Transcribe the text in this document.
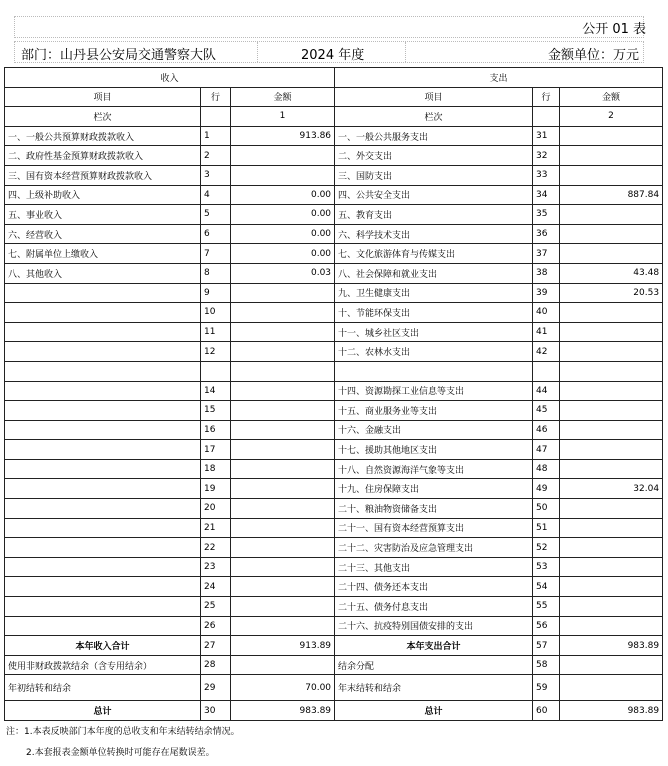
公开 01 表
部门：山丹县公安局交通警察大队	2024 年度	金额单位：万元
收入			支出		
项目	行	金额	项目	行	金额
栏次		1	栏次		2
一、一般公共预算财政拨款收入	1	913.86	一、一般公共服务支出	31	
二、政府性基金预算财政拨款收入	2		二、外交支出	32	
三、国有资本经营预算财政拨款收入	3		三、国防支出	33	
四、上级补助收入	4	0.00	四、公共安全支出	34	887.84
五、事业收入	5	0.00	五、教育支出	35	
六、经营收入	6	0.00	六、科学技术支出	36	
七、附属单位上缴收入	7	0.00	七、文化旅游体育与传媒支出	37	
八、其他收入	8	0.03	八、社会保障和就业支出	38	43.48
	9		九、卫生健康支出	39	20.53
	10		十、节能环保支出	40	
	11		十一、城乡社区支出	41	
	12		十二、农林水支出	42	

	14		十四、资源勘探工业信息等支出	44	
	15		十五、商业服务业等支出	45	
	16		十六、金融支出	46	
	17		十七、援助其他地区支出	47	
	18		十八、自然资源海洋气象等支出	48	
	19		十九、住房保障支出	49	32.04
	20		二十、粮油物资储备支出	50	
	21		二十一、国有资本经营预算支出	51	
	22		二十二、灾害防治及应急管理支出	52	
	23		二十三、其他支出	53	
	24		二十四、债务还本支出	54	
	25		二十五、债务付息支出	55	
	26		二十六、抗疫特别国债安排的支出	56	
本年收入合计	27	913.89	本年支出合计	57	983.89
使用非财政拨款结余（含专用结余）	28		结余分配	58	
年初结转和结余	29	70.00	年末结转和结余	59	
总计	30	983.89	总计	60	983.89
注：1.本表反映部门本年度的总收支和年末结转结余情况。
2.本套报表金额单位转换时可能存在尾数误差。
